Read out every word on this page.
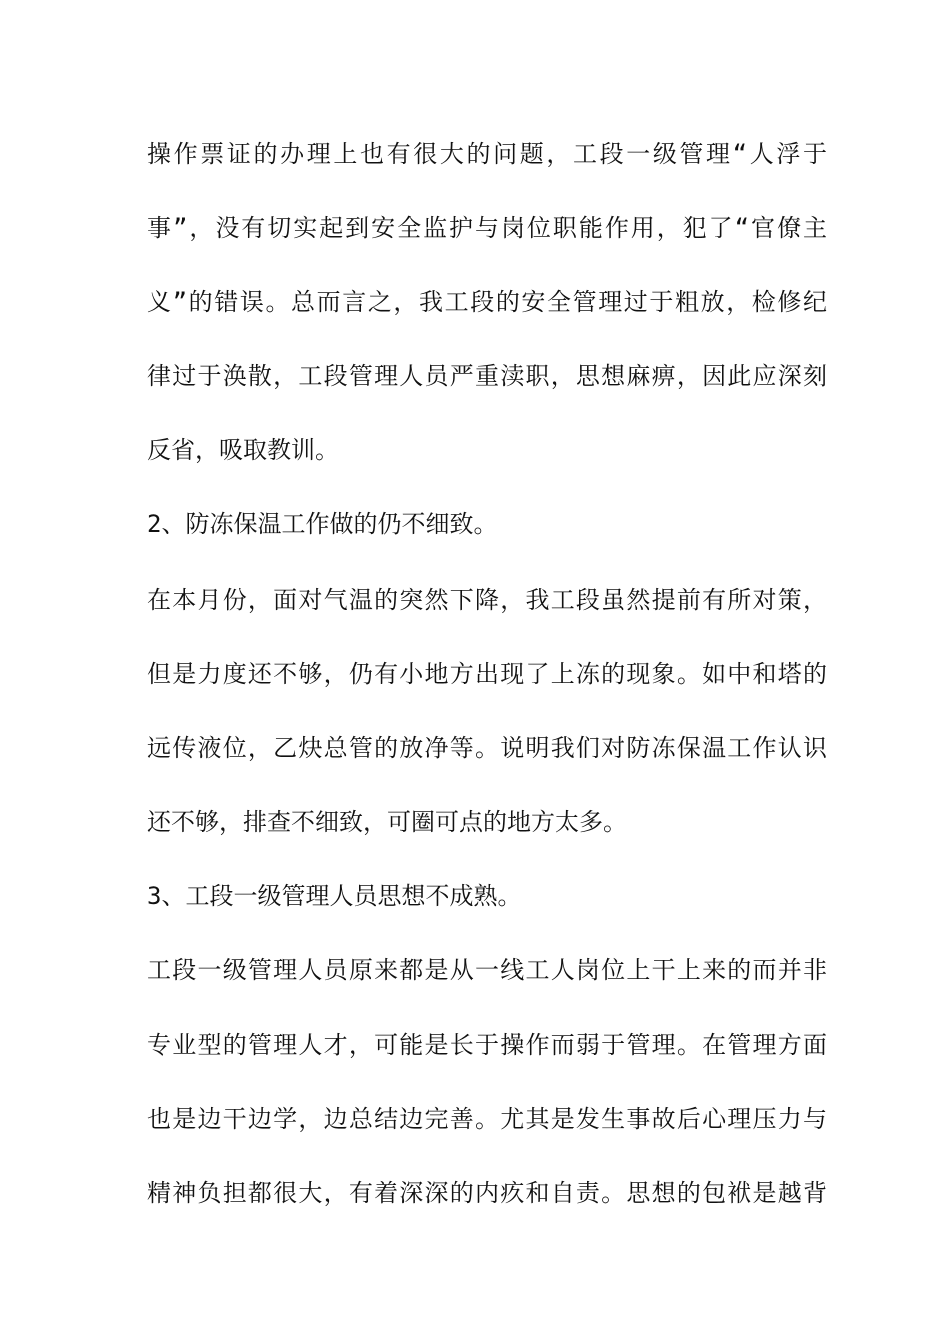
操作票证的办理上也有很大的问题，工段一级管理“人浮于
事”，没有切实起到安全监护与岗位职能作用，犯了“官僚主
义”的错误。总而言之，我工段的安全管理过于粗放，检修纪
律过于涣散，工段管理人员严重渎职，思想麻痹，因此应深刻
反省，吸取教训。
2、防冻保温工作做的仍不细致。
在本月份，面对气温的突然下降，我工段虽然提前有所对策，
但是力度还不够，仍有小地方出现了上冻的现象。如中和塔的
远传液位，乙炔总管的放净等。说明我们对防冻保温工作认识
还不够，排查不细致，可圈可点的地方太多。
3、工段一级管理人员思想不成熟。
工段一级管理人员原来都是从一线工人岗位上干上来的而并非
专业型的管理人才，可能是长于操作而弱于管理。在管理方面
也是边干边学，边总结边完善。尤其是发生事故后心理压力与
精神负担都很大，有着深深的内疚和自责。思想的包袱是越背
